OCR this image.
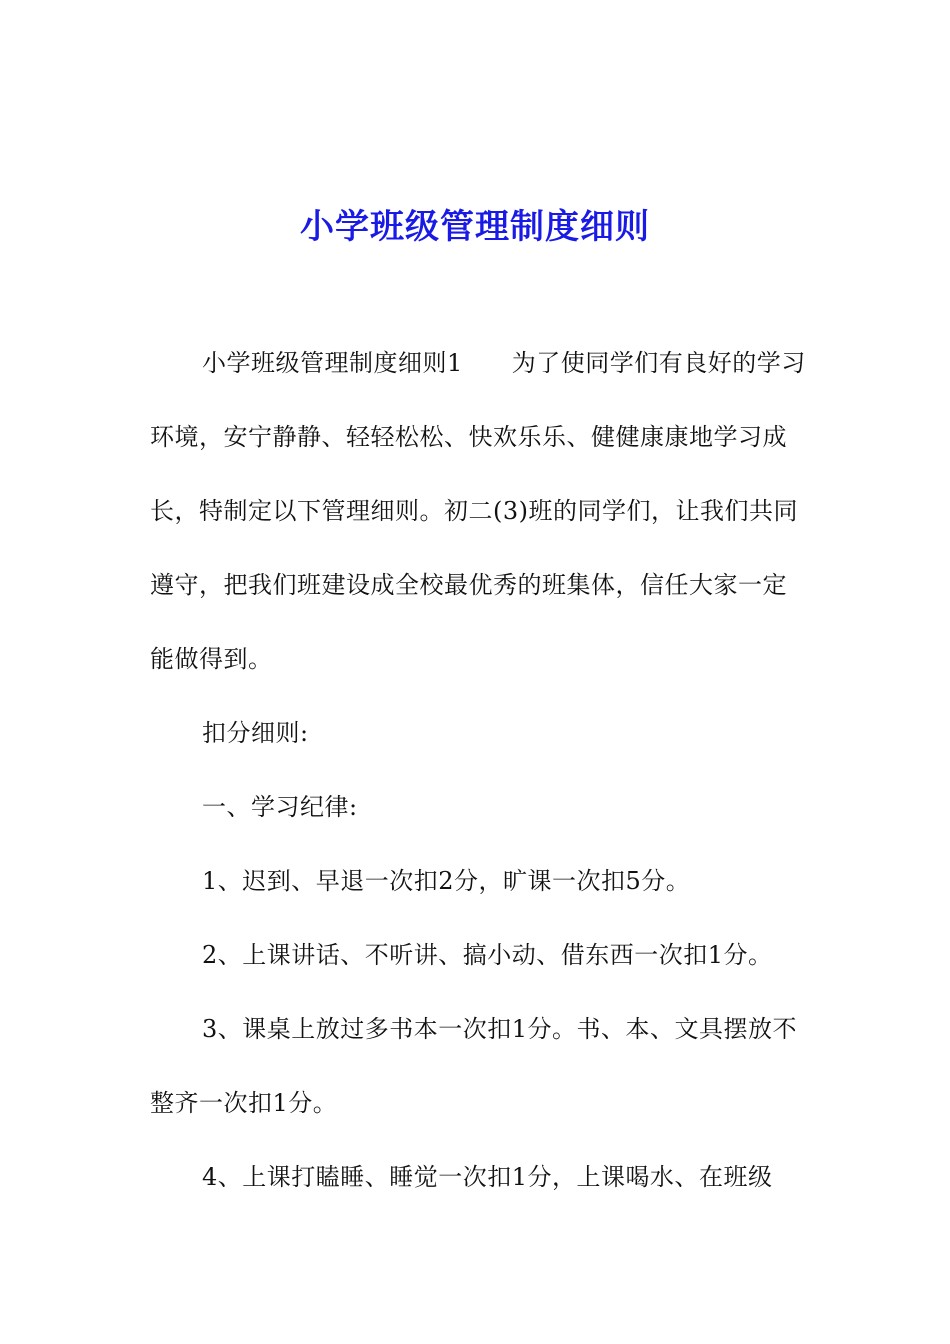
小学班级管理制度细则

小学班级管理制度细则1　　为了使同学们有良好的学习环境，安宁静静、轻轻松松、快欢乐乐、健健康康地学习成长，特制定以下管理细则。初二(3)班的同学们，让我们共同遵守，把我们班建设成全校最优秀的班集体，信任大家一定能做得到。

扣分细则:

一、学习纪律:

1、迟到、早退一次扣2分，旷课一次扣5分。

2、上课讲话、不听讲、搞小动、借东西一次扣1分。

3、课桌上放过多书本一次扣1分。书、本、文具摆放不整齐一次扣1分。

4、上课打瞌睡、睡觉一次扣1分，上课喝水、在班级
